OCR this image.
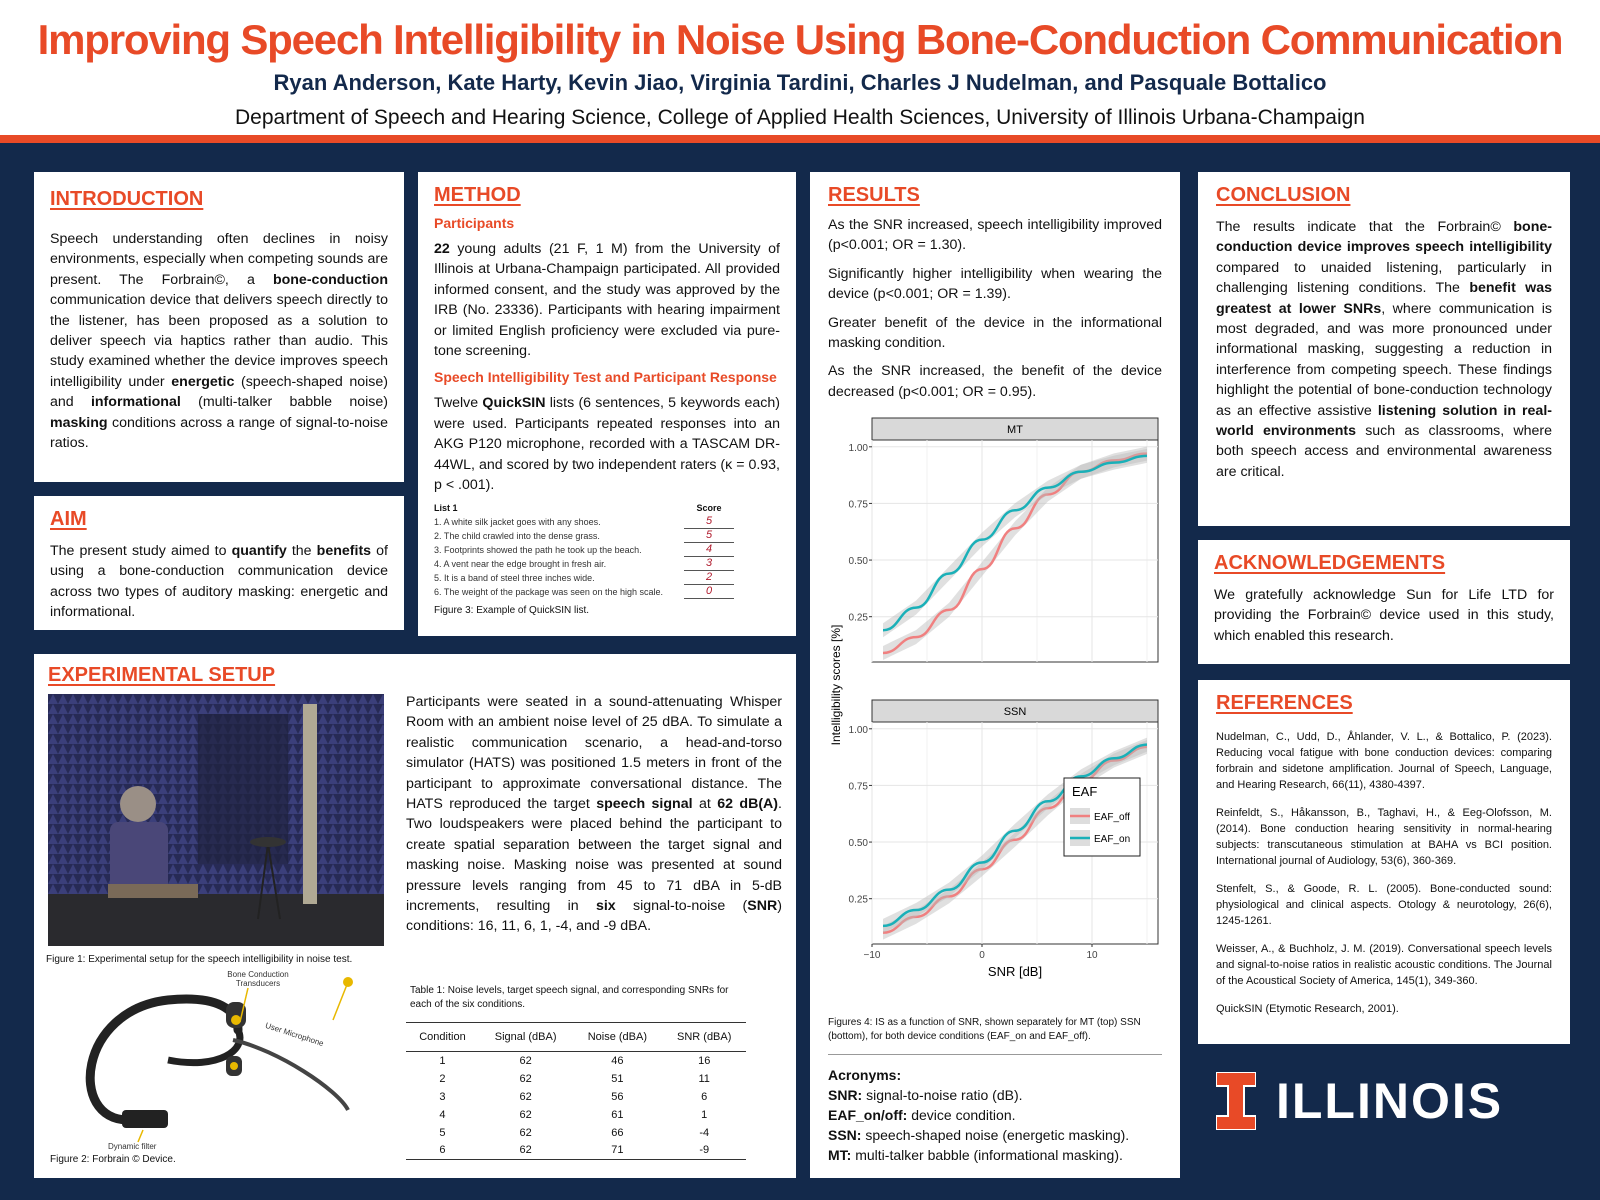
Improving Speech Intelligibility in Noise Using Bone-Conduction Communication
Ryan Anderson, Kate Harty, Kevin Jiao, Virginia Tardini, Charles J Nudelman, and Pasquale Bottalico
Department of Speech and Hearing Science, College of Applied Health Sciences, University of Illinois Urbana-Champaign
INTRODUCTION
Speech understanding often declines in noisy environments, especially when competing sounds are present. The Forbrain©, a bone-conduction communication device that delivers speech directly to the listener, has been proposed as a solution to deliver speech via haptics rather than audio. This study examined whether the device improves speech intelligibility under energetic (speech-shaped noise) and informational (multi-talker babble noise) masking conditions across a range of signal-to-noise ratios.
AIM
The present study aimed to quantify the benefits of using a bone-conduction communication device across two types of auditory masking: energetic and informational.
METHOD
Participants
22 young adults (21 F, 1 M) from the University of Illinois at Urbana-Champaign participated. All provided informed consent, and the study was approved by the IRB (No. 23336). Participants with hearing impairment or limited English proficiency were excluded via pure-tone screening.
Speech Intelligibility Test and Participant Response
Twelve QuickSIN lists (6 sentences, 5 keywords each) were used. Participants repeated responses into an AKG P120 microphone, recorded with a TASCAM DR-44WL, and scored by two independent raters (κ = 0.93, p < .001).
List 1	Score
1. A white silk jacket goes with any shoes.	5
2. The child crawled into the dense grass.	5
3. Footprints showed the path he took up the beach.	4
4. A vent near the edge brought in fresh air.	3
5. It is a band of steel three inches wide.	2
6. The weight of the package was seen on the high scale.	0
Figure 3: Example of QuickSIN list.
RESULTS

As the SNR increased, speech intelligibility improved (p<0.001; OR = 1.30).

Significantly higher intelligibility when wearing the device (p<0.001; OR = 1.39).

Greater benefit of the device in the informational masking condition.

As the SNR increased, the benefit of the device decreased (p<0.001; OR = 0.95).

MT
0.25
0.50
0.75
1.00
SSN
0.25
0.50
0.75
1.00
−10	0	10
SNR [dB]
EAF
EAF_off
EAF_on
Intelligibility scores [%]
Figures 4: IS as a function of SNR, shown separately for MT (top) SSN (bottom), for both device conditions (EAF_on and EAF_off).
Acronyms:
SNR: signal-to-noise ratio (dB).
EAF_on/off: device condition.
SSN: speech-shaped noise (energetic masking).
MT: multi-talker babble (informational masking).
CONCLUSION
The results indicate that the Forbrain© bone-conduction device improves speech intelligibility compared to unaided listening, particularly in challenging listening conditions. The benefit was greatest at lower SNRs, where communication is most degraded, and was more pronounced under informational masking, suggesting a reduction in interference from competing speech. These findings highlight the potential of bone-conduction technology as an effective assistive listening solution in real-world environments such as classrooms, where both speech access and environmental awareness are critical.
ACKNOWLEDGEMENTS
We gratefully acknowledge Sun for Life LTD for providing the Forbrain© device used in this study, which enabled this research.
REFERENCES

Nudelman, C., Udd, D., Åhlander, V. L., & Bottalico, P. (2023). Reducing vocal fatigue with bone conduction devices: comparing forbrain and sidetone amplification. Journal of Speech, Language, and Hearing Research, 66(11), 4380-4397.

Reinfeldt, S., Håkansson, B., Taghavi, H., & Eeg-Olofsson, M. (2014). Bone conduction hearing sensitivity in normal-hearing subjects: transcutaneous stimulation at BAHA vs BCI position. International journal of Audiology, 53(6), 360-369.

Stenfelt, S., & Goode, R. L. (2005). Bone-conducted sound: physiological and clinical aspects. Otology & neurotology, 26(6), 1245-1261.

Weisser, A., & Buchholz, J. M. (2019). Conversational speech levels and signal-to-noise ratios in realistic acoustic conditions. The Journal of the Acoustical Society of America, 145(1), 349-360.

QuickSIN (Etymotic Research, 2001).

ILLINOIS
EXPERIMENTAL SETUP
Figure 1: Experimental setup for the speech intelligibility in noise test.
Bone Conduction Transducers
User Microphone
Dynamic filter
Figure 2: Forbrain © Device.
Participants were seated in a sound-attenuating Whisper Room with an ambient noise level of 25 dBA. To simulate a realistic communication scenario, a head-and-torso simulator (HATS) was positioned 1.5 meters in front of the participant to approximate conversational distance. The HATS reproduced the target speech signal at 62 dB(A). Two loudspeakers were placed behind the participant to create spatial separation between the target signal and masking noise. Masking noise was presented at sound pressure levels ranging from 45 to 71 dBA in 5-dB increments, resulting in six signal-to-noise (SNR) conditions: 16, 11, 6, 1, -4, and -9 dBA.
Table 1: Noise levels, target speech signal, and corresponding SNRs for each of the six conditions.
Condition	Signal (dBA)	Noise (dBA)	SNR (dBA)
1	62	46	16
2	62	51	11
3	62	56	6
4	62	61	1
5	62	66	-4
6	62	71	-9
